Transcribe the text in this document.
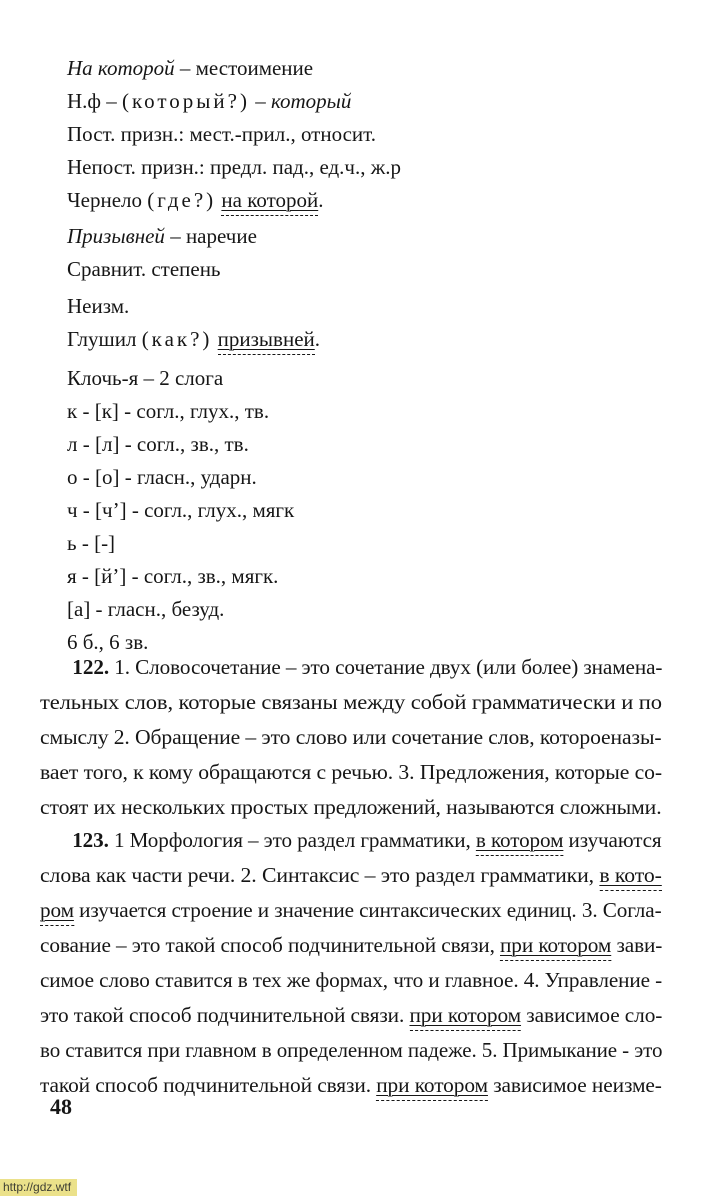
На которой – местоимение
Н.ф – (который?) – который
Пост. призн.: мест.-прил., относит.
Непост. призн.: предл. пад., ед.ч., ж.р
Чернело (где?) на которой.
Призывней – наречие
Сравнит. степень
Неизм.
Глушил (как?) призывней.
Клочь-я – 2 слога
к - [к] - согл., глух., тв.
л - [л] - согл., зв., тв.
о - [о] - гласн., ударн.
ч - [ч’] - согл., глух., мягк
ь - [-]
я - [й’] - согл., зв., мягк.
[а] - гласн., безуд.
6 б., 6 зв.
122. 1. Словосочетание – это сочетание двух (или более) знамена-
тельных слов, которые связаны между собой грамматически и по
смыслу 2. Обращение – это слово или сочетание слов, котороеназы-
вает того, к кому обращаются с речью. 3. Предложения, которые со-
стоят их нескольких простых предложений, называются сложными.
123. 1 Морфология – это раздел грамматики, в котором изучаются
слова как части речи. 2. Синтаксис – это раздел грамматики, в кото-
ром изучается строение и значение синтаксических единиц. 3. Согла-
сование – это такой способ подчинительной связи, при котором зави-
симое слово ставится в тех же формах, что и главное. 4. Управление -
это такой способ подчинительной связи. при котором зависимое сло-
во ставится при главном в определенном падеже. 5. Примыкание - это
такой способ подчинительной связи. при котором зависимое неизме-
48
http://gdz.wtf
